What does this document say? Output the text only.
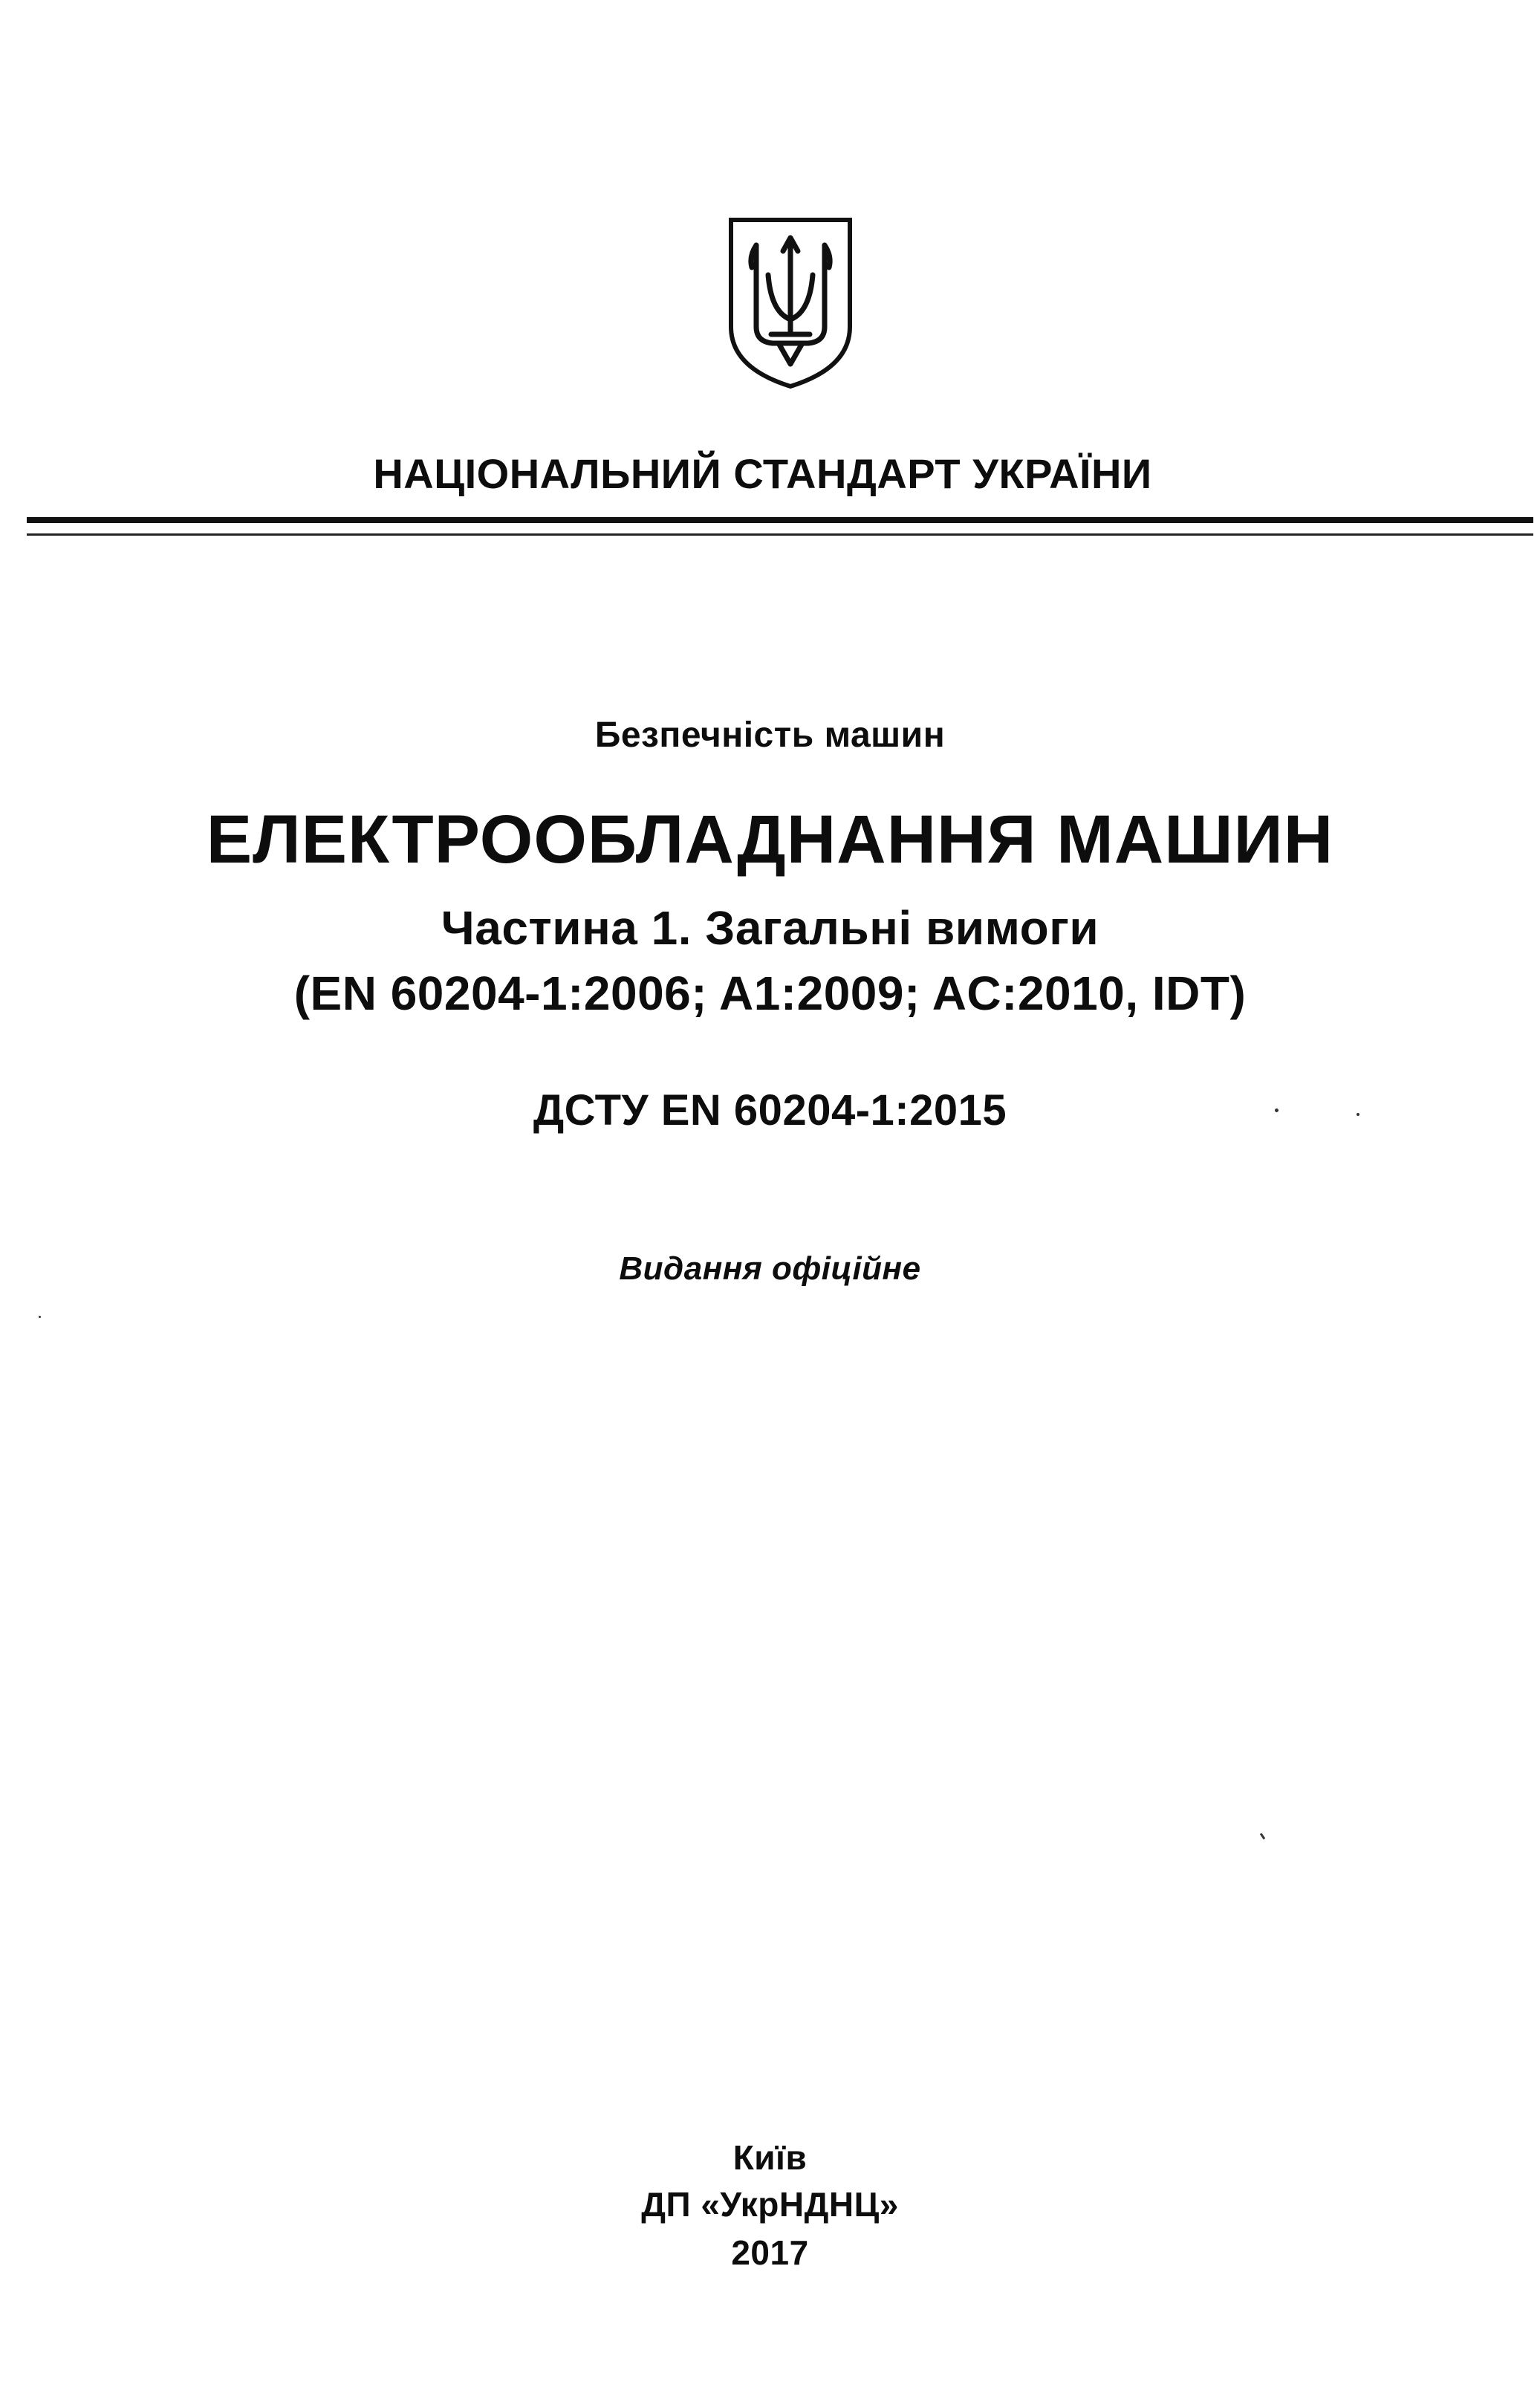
НАЦІОНАЛЬНИЙ СТАНДАРТ УКРАЇНИ
Безпечність машин
ЕЛЕКТРООБЛАДНАННЯ МАШИН
Частина 1. Загальні вимоги
(EN 60204-1:2006; A1:2009; AC:2010, IDT)
ДСТУ EN 60204-1:2015
Видання офіційне
Київ
ДП «УкрНДНЦ»
2017
